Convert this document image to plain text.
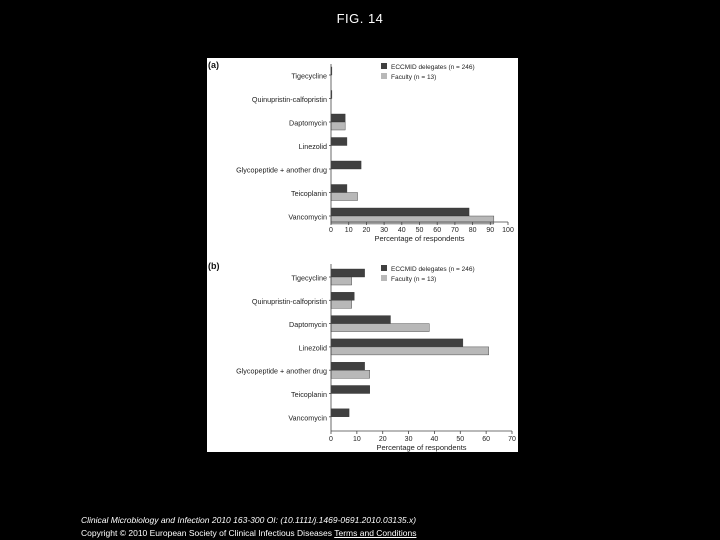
FIG. 14
(a)	ECCMID delegates (n = 246)
Faculty (n = 13)
Tigecycline
Quinupristin-calfopristin
Daptomycin
Linezolid
Glycopeptide + another drug
Teicoplanin
Vancomycin
0 10 20 30 40 50 60 70 80 90 100
Percentage of respondents
(b)	ECCMID delegates (n = 246)
Faculty (n = 13)
Tigecycline
Quinupristin-calfopristin
Daptomycin
Linezolid
Glycopeptide + another drug
Teicoplanin
Vancomycin
0	10	20	30	40	50	60	70
Percentage of respondents
Clinical Microbiology and Infection 2010 163-300 OI: (10.1111/j.1469-0691.2010.03135.x)
Copyright © 2010 European Society of Clinical Infectious Diseases Terms and Conditions
